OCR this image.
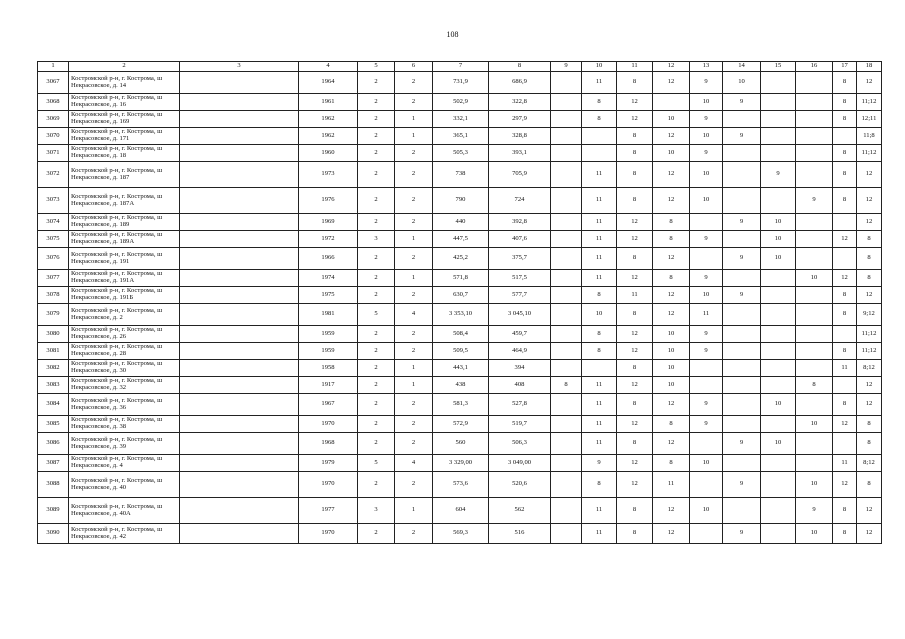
108
1	2	3	4	5	6	7	8	9	10	11	12	13	14	15	16	17	18
3067	Костромской р-н, г. Кострома, ш
Некрасовское, д. 14		1964	2	2	731,9	686,9		11	8	12	9	10			8	12
3068	Костромской р-н, г. Кострома, ш
Некрасовское, д. 16		1961	2	2	502,9	322,8		8	12		10	9			8	11;12
3069	Костромской р-н, г. Кострома, ш
Некрасовское, д. 169		1962	2	1	332,1	297,9		8	12	10	9				8	12;11
3070	Костромской р-н, г. Кострома, ш
Некрасовское, д. 171		1962	2	1	365,1	328,8			8	12	10	9				11;8
3071	Костромской р-н, г. Кострома, ш
Некрасовское, д. 18		1960	2	2	505,3	393,1			8	10	9				8	11;12
3072	Костромской р-н, г. Кострома, ш
Некрасовское, д. 187		1973	2	2	738	705,9		11	8	12	10		9		8	12
3073	Костромской р-н, г. Кострома, ш
Некрасовское, д. 187А		1976	2	2	790	724		11	8	12	10			9	8	12
3074	Костромской р-н, г. Кострома, ш
Некрасовское, д. 189		1969	2	2	440	392,8		11	12	8		9	10			12
3075	Костромской р-н, г. Кострома, ш
Некрасовское, д. 189А		1972	3	1	447,5	407,6		11	12	8	9		10		12	8
3076	Костромской р-н, г. Кострома, ш
Некрасовское, д. 191		1966	2	2	425,2	375,7		11	8	12		9	10			8
3077	Костромской р-н, г. Кострома, ш
Некрасовское, д. 191А		1974	2	1	571,8	517,5		11	12	8	9			10	12	8
3078	Костромской р-н, г. Кострома, ш
Некрасовское, д. 191Б		1975	2	2	630,7	577,7		8	11	12	10	9			8	12
3079	Костромской р-н, г. Кострома, ш
Некрасовское, д. 2		1981	5	4	3 353,10	3 045,10		10	8	12	11				8	9;12
3080	Костромской р-н, г. Кострома, ш
Некрасовское, д. 26		1959	2	2	508,4	459,7		8	12	10	9					11;12
3081	Костромской р-н, г. Кострома, ш
Некрасовское, д. 28		1959	2	2	509,5	464,9		8	12	10	9				8	11;12
3082	Костромской р-н, г. Кострома, ш
Некрасовское, д. 30		1958	2	1	443,1	394			8	10					11	8;12
3083	Костромской р-н, г. Кострома, ш
Некрасовское, д. 32		1917	2	1	438	408	8	11	12	10				8		12
3084	Костромской р-н, г. Кострома, ш
Некрасовское, д. 36		1967	2	2	581,3	527,8		11	8	12	9		10		8	12
3085	Костромской р-н, г. Кострома, ш
Некрасовское, д. 38		1970	2	2	572,9	519,7		11	12	8	9			10	12	8
3086	Костромской р-н, г. Кострома, ш
Некрасовское, д. 39		1968	2	2	560	506,3		11	8	12		9	10			8
3087	Костромской р-н, г. Кострома, ш
Некрасовское, д. 4		1979	5	4	3 329,00	3 049,00		9	12	8	10				11	8;12
3088	Костромской р-н, г. Кострома, ш
Некрасовское, д. 40		1970	2	2	573,6	520,6		8	12	11		9		10	12	8
3089	Костромской р-н, г. Кострома, ш
Некрасовское, д. 40А		1977	3	1	604	562		11	8	12	10			9	8	12
3090	Костромской р-н, г. Кострома, ш
Некрасовское, д. 42		1970	2	2	569,3	516		11	8	12		9		10	8	12
